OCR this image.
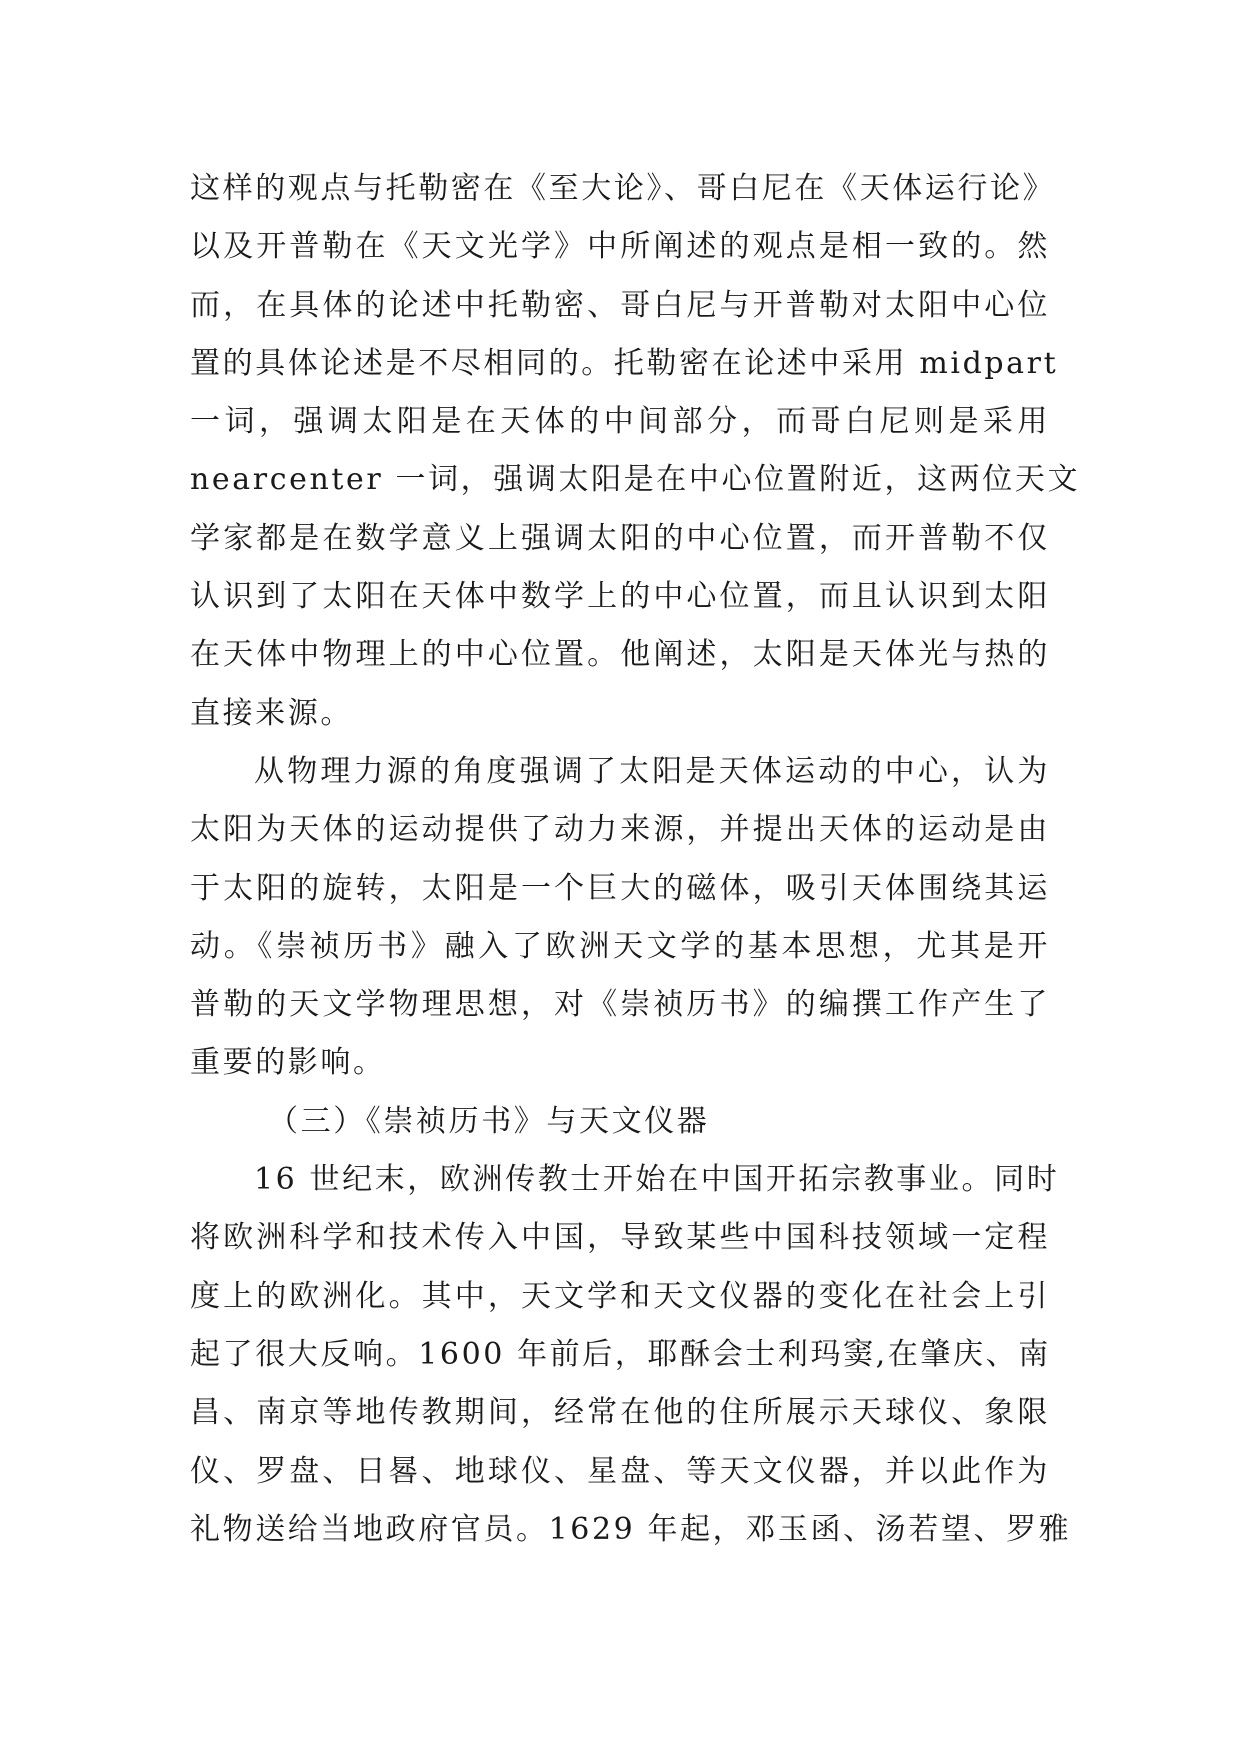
这样的观点与托勒密在《至大论》、哥白尼在《天体运行论》
以及开普勒在《天文光学》中所阐述的观点是相一致的。然
而，在具体的论述中托勒密、哥白尼与开普勒对太阳中心位
置的具体论述是不尽相同的。托勒密在论述中采用 midpart
一词，强调太阳是在天体的中间部分，而哥白尼则是采用
nearcenter 一词，强调太阳是在中心位置附近，这两位天文
学家都是在数学意义上强调太阳的中心位置，而开普勒不仅
认识到了太阳在天体中数学上的中心位置，而且认识到太阳
在天体中物理上的中心位置。他阐述，太阳是天体光与热的
直接来源。
从物理力源的角度强调了太阳是天体运动的中心，认为
太阳为天体的运动提供了动力来源，并提出天体的运动是由
于太阳的旋转，太阳是一个巨大的磁体，吸引天体围绕其运
动。《崇祯历书》融入了欧洲天文学的基本思想，尤其是开
普勒的天文学物理思想，对《崇祯历书》的编撰工作产生了
重要的影响。
（三）《崇祯历书》与天文仪器
16 世纪末，欧洲传教士开始在中国开拓宗教事业。同时
将欧洲科学和技术传入中国，导致某些中国科技领域一定程
度上的欧洲化。其中，天文学和天文仪器的变化在社会上引
起了很大反响。1600 年前后，耶酥会士利玛窦,在肇庆、南
昌、南京等地传教期间，经常在他的住所展示天球仪、象限
仪、罗盘、日晷、地球仪、星盘、等天文仪器，并以此作为
礼物送给当地政府官员。1629 年起，邓玉函、汤若望、罗雅
